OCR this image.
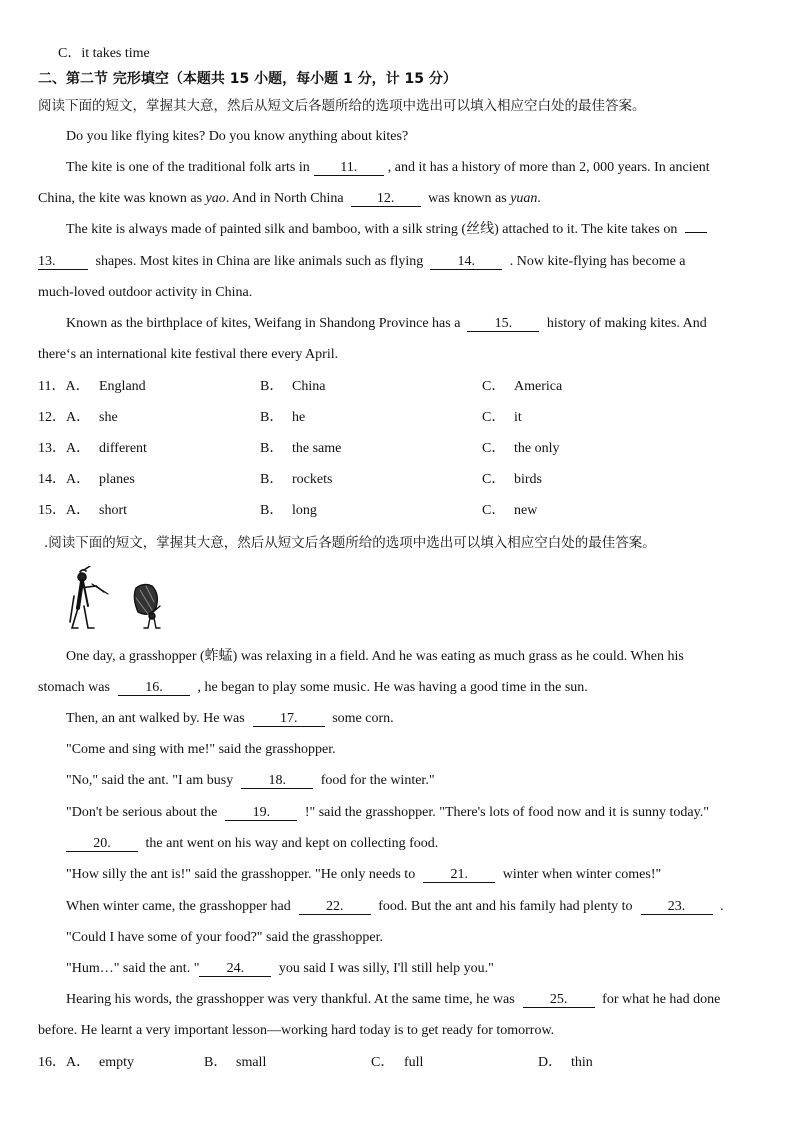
C．it takes time
二、第二节 完形填空（本题共 15 小题，每小题 1 分，计 15 分）
阅读下面的短文，掌握其大意，然后从短文后各题所给的选项中选出可以填入相应空白处的最佳答案。
Do you like flying kites? Do you know anything about kites?
The kite is one of the traditional folk arts in 11. , and it has a history of more than 2, 000 years. In ancient
China, the kite was known as yao. And in North China 12. was known as yuan.
The kite is always made of painted silk and bamboo, with a silk string (丝线) attached to it. The kite takes on
13.	shapes. Most kites in China are like animals such as flying 14. . Now kite-flying has become a
much-loved outdoor activity in China.
Known as the birthplace of kites, Weifang in Shandong Province has a 15. history of making kites. And
there‘s an international kite festival there every April.
11．A． England	B． China	C． America
12．A． she	B． he	C． it
13．A． different	B． the same	C． the only
14．A． planes	B． rockets	C． birds
15．A． short	B． long	C． new
.阅读下面的短文，掌握其大意，然后从短文后各题所给的选项中选出可以填入相应空白处的最佳答案。
One day, a grasshopper (蚱蜢) was relaxing in a field. And he was eating as much grass as he could. When his
stomach was	16. , he began to play some music. He was having a good time in the sun.
Then, an ant walked by. He was	17. some corn.
"Come and sing with me!" said the grasshopper.
"No," said the ant. "I am busy	18. food for the winter."
"Don't be serious about the	19. !" said the grasshopper. "There's lots of food now and it is sunny today."
20. the ant went on his way and kept on collecting food.
"How silly the ant is!" said the grasshopper. "He only needs to	21. winter when winter comes!"
When winter came, the grasshopper had	22. food. But the ant and his family had plenty to	23. .
"Could I have some of your food?" said the grasshopper.
"Hum…" said the ant. " 24. you said I was silly, I'll still help you."
Hearing his words, the grasshopper was very thankful. At the same time, he was	25. for what he had done
before. He learnt a very important lesson—working hard today is to get ready for tomorrow.
16．A． empty	B． small	C． full	D． thin
